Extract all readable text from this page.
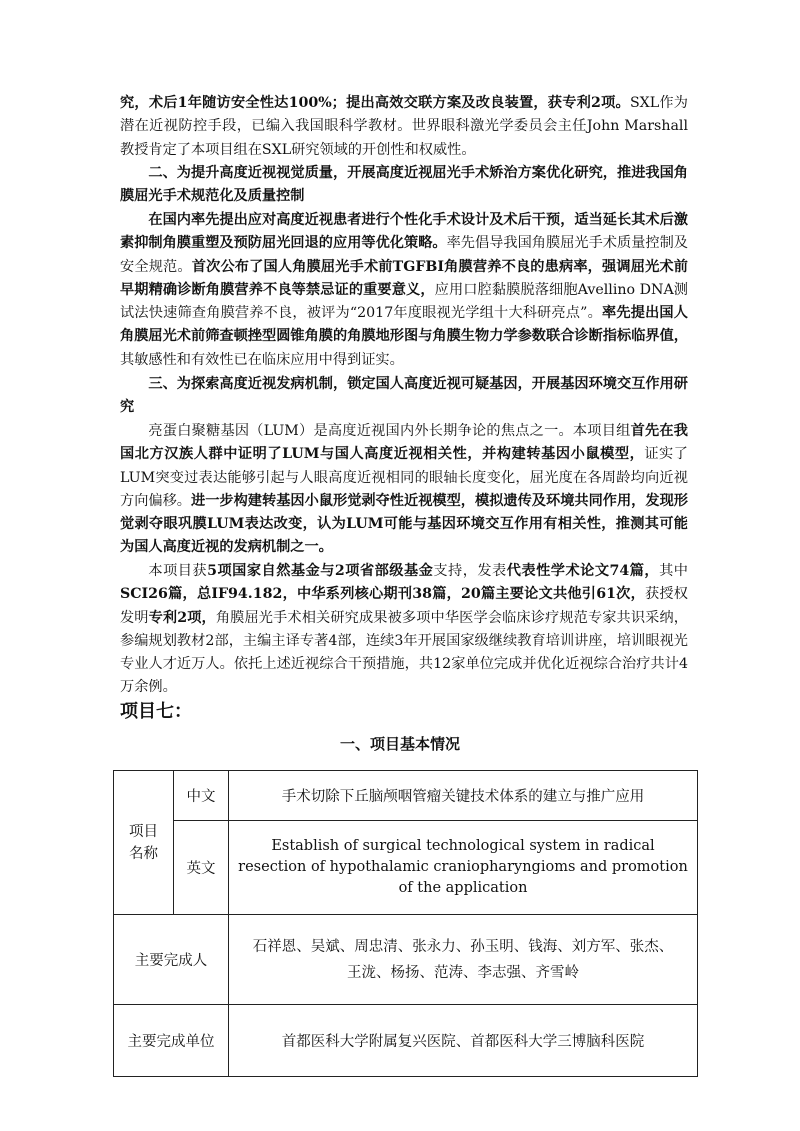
究，术后1年随访安全性达100%；提出高效交联方案及改良装置，获专利2项。SXL作为潜在近视防控手段，已编入我国眼科学教材。世界眼科激光学委员会主任John Marshall教授肯定了本项目组在SXL研究领域的开创性和权威性。

二、为提升高度近视视觉质量，开展高度近视屈光手术矫治方案优化研究，推进我国角膜屈光手术规范化及质量控制

在国内率先提出应对高度近视患者进行个性化手术设计及术后干预，适当延长其术后激素抑制角膜重塑及预防屈光回退的应用等优化策略。率先倡导我国角膜屈光手术质量控制及安全规范。首次公布了国人角膜屈光手术前TGFBI角膜营养不良的患病率，强调屈光术前早期精确诊断角膜营养不良等禁忌证的重要意义，应用口腔黏膜脱落细胞Avellino DNA测试法快速筛查角膜营养不良，被评为“2017年度眼视光学组十大科研亮点”。率先提出国人角膜屈光术前筛查顿挫型圆锥角膜的角膜地形图与角膜生物力学参数联合诊断指标临界值，其敏感性和有效性已在临床应用中得到证实。

三、为探索高度近视发病机制，锁定国人高度近视可疑基因，开展基因环境交互作用研究

亮蛋白聚糖基因（LUM）是高度近视国内外长期争论的焦点之一。本项目组首先在我国北方汉族人群中证明了LUM与国人高度近视相关性，并构建转基因小鼠模型，证实了LUM突变过表达能够引起与人眼高度近视相同的眼轴长度变化，屈光度在各周龄均向近视方向偏移。进一步构建转基因小鼠形觉剥夺性近视模型，模拟遗传及环境共同作用，发现形觉剥夺眼巩膜LUM表达改变，认为LUM可能与基因环境交互作用有相关性，推测其可能为国人高度近视的发病机制之一。

本项目获5项国家自然基金与2项省部级基金支持，发表代表性学术论文74篇，其中SCI26篇，总IF94.182，中华系列核心期刊38篇，20篇主要论文共他引61次，获授权发明专利2项，角膜屈光手术相关研究成果被多项中华医学会临床诊疗规范专家共识采纳，参编规划教材2部，主编主译专著4部，连续3年开展国家级继续教育培训讲座，培训眼视光专业人才近万人。依托上述近视综合干预措施，共12家单位完成并优化近视综合治疗共计4万余例。

项目七：
一、项目基本情况
项目名称	中文	手术切除下丘脑颅咽管瘤关键技术体系的建立与推广应用
	英文	Establish of surgical technological system in radical resection of hypothalamic craniopharyngioms and promotion of the application
主要完成人		石祥恩、吴斌、周忠清、张永力、孙玉明、钱海、刘方军、张杰、
王泷、杨扬、范涛、李志强、齐雪岭

主要完成单位		首都医科大学附属复兴医院、首都医科大学三博脑科医院
